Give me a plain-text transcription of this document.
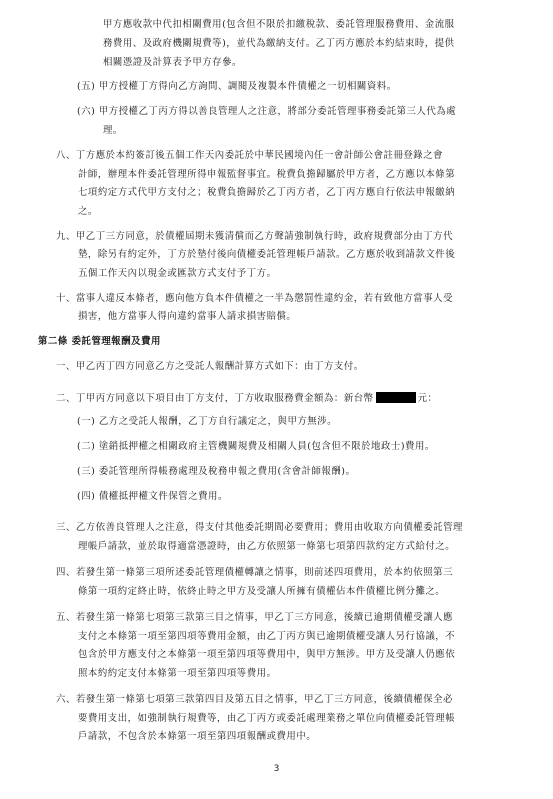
甲方應收款中代扣相關費用(包含但不限於扣繳稅款、委託管理服務費用、金流服
務費用、及政府機關規費等)，並代為繳納支付。乙丁丙方應於本約結束時，提供
相關憑證及計算表予甲方存參。
(五) 甲方授權丁方得向乙方詢問、調閱及複製本件債權之一切相關資料。
(六) 甲方授權乙丁丙方得以善良管理人之注意，將部分委託管理事務委託第三人代為處
理。
八、丁方應於本約簽訂後五個工作天內委託於中華民國境內任一會計師公會註冊登錄之會
計師，辦理本件委託管理所得申報監督事宜。稅費負擔歸屬於甲方者，乙方應以本條第
七項約定方式代甲方支付之；稅費負擔歸於乙丁丙方者，乙丁丙方應自行依法申報繳納
之。
九、甲乙丁三方同意，於債權屆期未獲清償而乙方聲請強制執行時，政府規費部分由丁方代
墊，除另有約定外，丁方於墊付後向債權委託管理帳戶請款。乙方應於收到請款文件後
五個工作天內以現金或匯款方式支付予丁方。
十、當事人違反本條者，應向他方負本件債權之一半為懲罰性違約金，若有致他方當事人受
損害，他方當事人得向違約當事人請求損害賠償。
第二條 委託管理報酬及費用
一、甲乙丙丁四方同意乙方之受託人報酬計算方式如下：由丁方支付。
二、丁甲丙方同意以下項目由丁方支付，丁方收取服務費金額為：新台幣	元：
(一) 乙方之受託人報酬，乙丁方自行議定之，與甲方無涉。
(二) 塗銷抵押權之相關政府主管機關規費及相關人員(包含但不限於地政士)費用。
(三) 委託管理所得帳務處理及稅務申報之費用(含會計師報酬)。
(四) 債權抵押權文件保管之費用。
三、乙方依善良管理人之注意，得支付其他委託期間必要費用；費用由收取方向債權委託管理
理帳戶請款，並於取得適當憑證時，由乙方依照第一條第七項第四款約定方式給付之。
四、若發生第一條第三項所述委託管理債權轉讓之情事，則前述四項費用，於本約依照第三
條第一項約定終止時，依終止時之甲方及受讓人所擁有債權佔本件債權比例分攤之。
五、若發生第一條第七項第三款第三目之情事，甲乙丁三方同意，後續已逾期債權受讓人應
支付之本條第一項至第四項等費用金額，由乙丁丙方與已逾期債權受讓人另行協議，不
包含於甲方應支付之本條第一項至第四項等費用中，與甲方無涉。甲方及受讓人仍應依
照本約約定支付本條第一項至第四項等費用。
六、若發生第一條第七項第三款第四目及第五目之情事，甲乙丁三方同意，後續債權保全必
要費用支出，如強制執行規費等，由乙丁丙方或委託處理業務之單位向債權委託管理帳
戶請款，不包含於本條第一項至第四項報酬或費用中。
3
